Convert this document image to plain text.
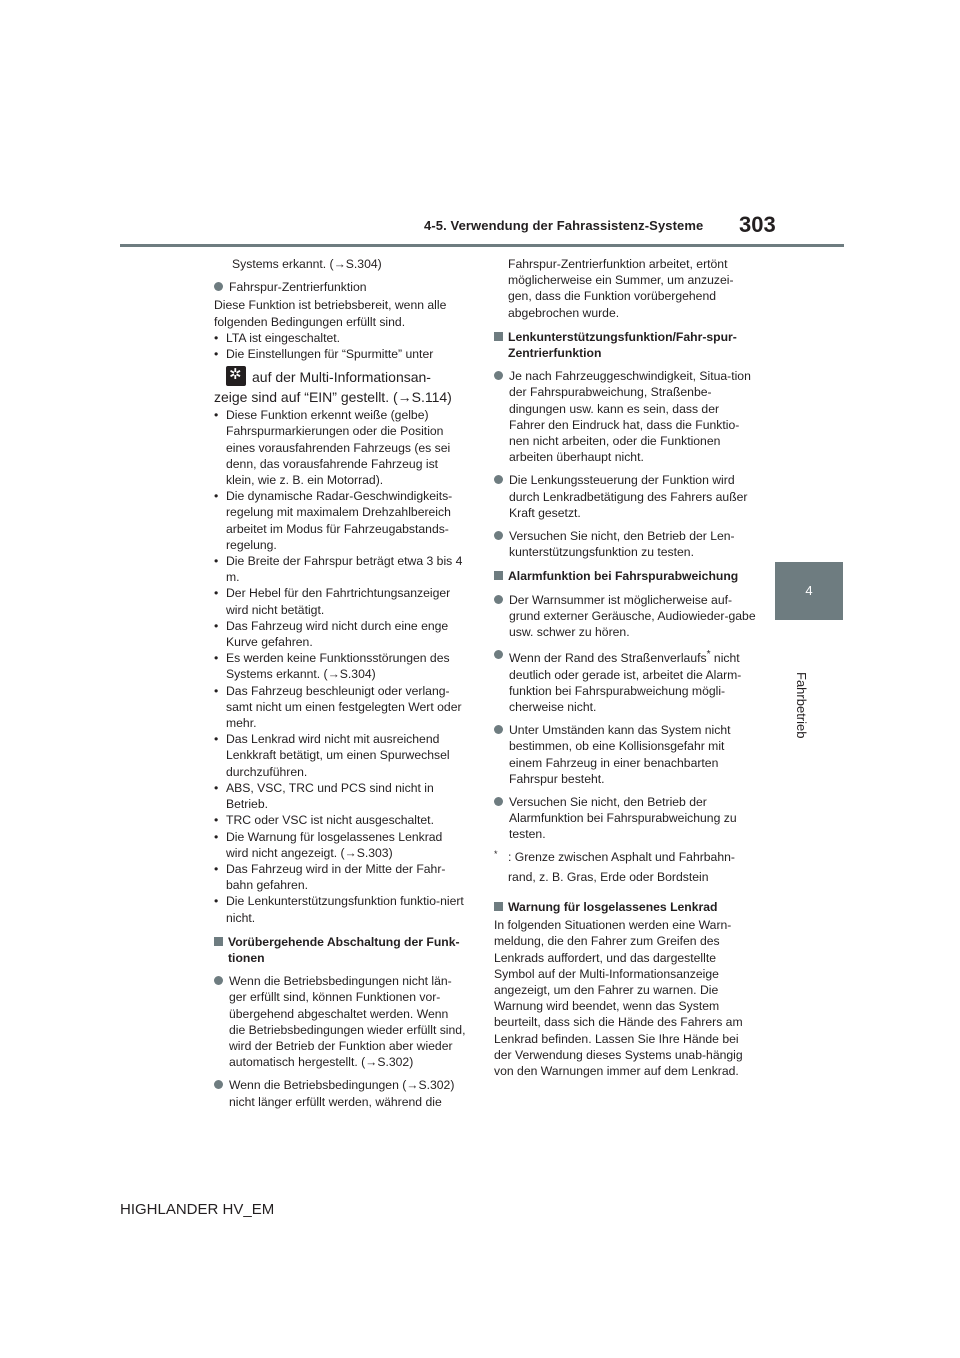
4-5. Verwendung der Fahrassistenz-Systeme 303
4
Fahrbetrieb

Systems erkannt. (→S.304)

Fahrspur-Zentrierfunktion

Diese Funktion ist betriebsbereit, wenn alle folgenden Bedingungen erfüllt sind.

• LTA ist eingeschaltet.
• Die Einstellungen für “Spurmitte” unter
✲auf der Multi-Informationsan-
zeige sind auf “EIN” gestellt. (→S.114)
• Diese Funktion erkennt weiße (gelbe) Fahrspurmarkierungen oder die Position eines vorausfahrenden Fahrzeugs (es sei denn, das vorausfahrende Fahrzeug ist klein, wie z. B. ein Motorrad).
• Die dynamische Radar-Geschwindigkeits-regelung mit maximalem Drehzahlbereich arbeitet im Modus für Fahrzeugabstands-regelung.
• Die Breite der Fahrspur beträgt etwa 3 bis 4 m.
• Der Hebel für den Fahrtrichtungsanzeiger wird nicht betätigt.
• Das Fahrzeug wird nicht durch eine enge Kurve gefahren.
• Es werden keine Funktionsstörungen des Systems erkannt. (→S.304)
• Das Fahrzeug beschleunigt oder verlang-samt nicht um einen festgelegten Wert oder mehr.
• Das Lenkrad wird nicht mit ausreichend Lenkkraft betätigt, um einen Spurwechsel durchzuführen.
• ABS, VSC, TRC und PCS sind nicht in Betrieb.
• TRC oder VSC ist nicht ausgeschaltet.
• Die Warnung für losgelassenes Lenkrad wird nicht angezeigt. (→S.303)
• Das Fahrzeug wird in der Mitte der Fahr-bahn gefahren.
• Die Lenkunterstützungsfunktion funktio-niert nicht.
Vorübergehende Abschaltung der Funk-tionen
Wenn die Betriebsbedingungen nicht län-ger erfüllt sind, können Funktionen vor-übergehend abgeschaltet werden. Wenn die Betriebsbedingungen wieder erfüllt sind, wird der Betrieb der Funktion aber wieder automatisch hergestellt. (→S.302)
Wenn die Betriebsbedingungen (→S.302) nicht länger erfüllt werden, während die

Fahrspur-Zentrierfunktion arbeitet, ertönt möglicherweise ein Summer, um anzuzei-gen, dass die Funktion vorübergehend abgebrochen wurde.

Lenkunterstützungsfunktion/Fahr-spur-Zentrierfunktion
Je nach Fahrzeuggeschwindigkeit, Situa-tion der Fahrspurabweichung, Straßenbe-dingungen usw. kann es sein, dass der Fahrer den Eindruck hat, dass die Funktio-nen nicht arbeiten, oder die Funktionen arbeiten überhaupt nicht.
Die Lenkungssteuerung der Funktion wird durch Lenkradbetätigung des Fahrers außer Kraft gesetzt.
Versuchen Sie nicht, den Betrieb der Len-kunterstützungsfunktion zu testen.
Alarmfunktion bei Fahrspurabweichung
Der Warnsummer ist möglicherweise auf-grund externer Geräusche, Audiowieder-gabe usw. schwer zu hören.
Wenn der Rand des Straßenverlaufs* nicht deutlich oder gerade ist, arbeitet die Alarm-funktion bei Fahrspurabweichung mögli-cherweise nicht.
Unter Umständen kann das System nicht bestimmen, ob eine Kollisionsgefahr mit einem Fahrzeug in einer benachbarten Fahrspur besteht.
Versuchen Sie nicht, den Betrieb der Alarmfunktion bei Fahrspurabweichung zu testen.
* : Grenze zwischen Asphalt und Fahrbahn-
rand, z. B. Gras, Erde oder Bordstein
Warnung für losgelassenes Lenkrad

In folgenden Situationen werden eine Warn-meldung, die den Fahrer zum Greifen des Lenkrads auffordert, und das dargestellte Symbol auf der Multi-Informationsanzeige angezeigt, um den Fahrer zu warnen. Die Warnung wird beendet, wenn das System beurteilt, dass sich die Hände des Fahrers am Lenkrad befinden. Lassen Sie Ihre Hände bei der Verwendung dieses Systems unab-hängig von den Warnungen immer auf dem Lenkrad.

HIGHLANDER HV_EM
